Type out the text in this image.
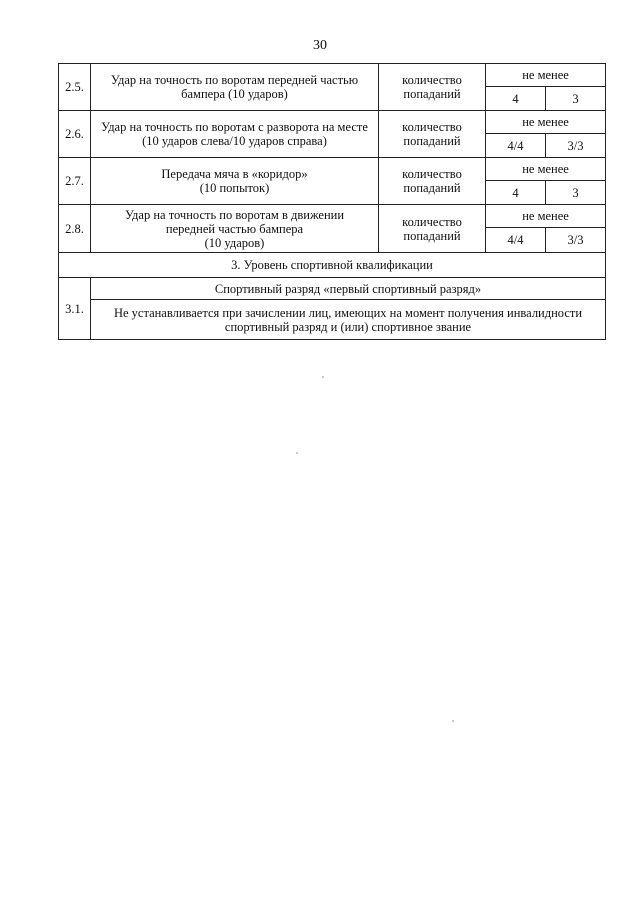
30
2.5.	Удар на точность по воротам передней частью
бампера (10 ударов)	количество
попаданий	не менее	
			4	3
2.6.	Удар на точность по воротам с разворота на месте
(10 ударов слева/10 ударов справа)	количество
попаданий	не менее	
			4/4	3/3
2.7.	Передача мяча в «коридор»
(10 попыток)	количество
попаданий	не менее	
			4	3
2.8.	Удар на точность по воротам в движении
передней частью бампера
(10 ударов)	количество
попаданий	не менее	
			4/4	3/3
3. Уровень спортивной квалификации				
3.1.	Спортивный разряд «первый спортивный разряд»			

	Не устанавливается при зачислении лиц, имеющих на момент получения инвалидности
спортивный разряд и (или) спортивное звание			
